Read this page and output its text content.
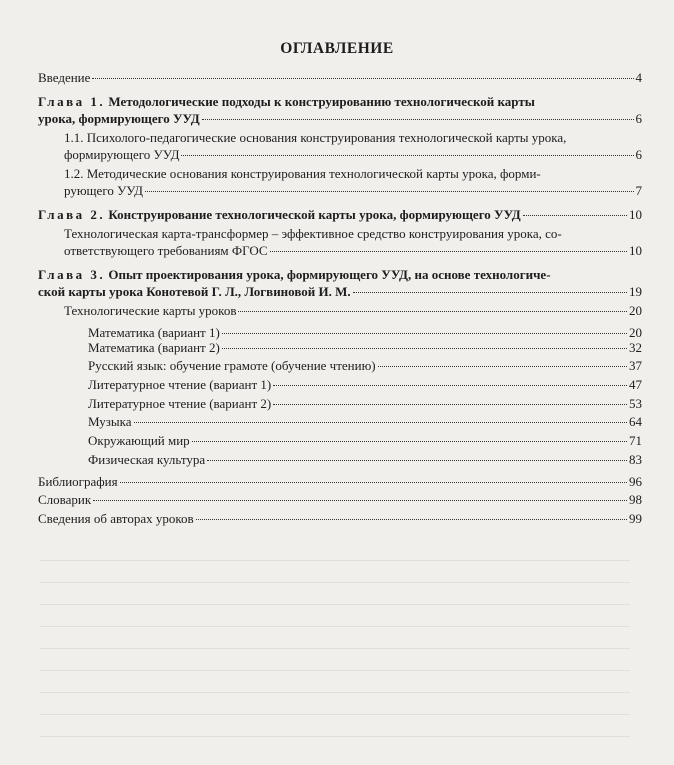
ОГЛАВЛЕНИЕ
Введение	4
Глава 1. Методологические подходы к конструированию технологической карты
урока, формирующего УУД	6
1.1. Психолого-педагогические основания конструирования технологической карты урока,
формирующего УУД	6
1.2. Методические основания конструирования технологической карты урока, форми-
рующего УУД	7
Глава 2. Конструирование технологической карты урока, формирующего УУД	10
Технологическая карта-трансформер – эффективное средство конструирования урока, со-
ответствующего требованиям ФГОС	10
Глава 3. Опыт проектирования урока, формирующего УУД, на основе технологиче-
ской карты урока Конотевой Г. Л., Логвиновой И. М.	19
Технологические карты уроков	20
Математика (вариант 1)	20
Математика (вариант 2)	32
Русский язык: обучение грамоте (обучение чтению)	37
Литературное чтение (вариант 1)	47
Литературное чтение (вариант 2)	53
Музыка	64
Окружающий мир	71
Физическая культура	83
Библиография	96
Словарик	98
Сведения об авторах уроков	99
